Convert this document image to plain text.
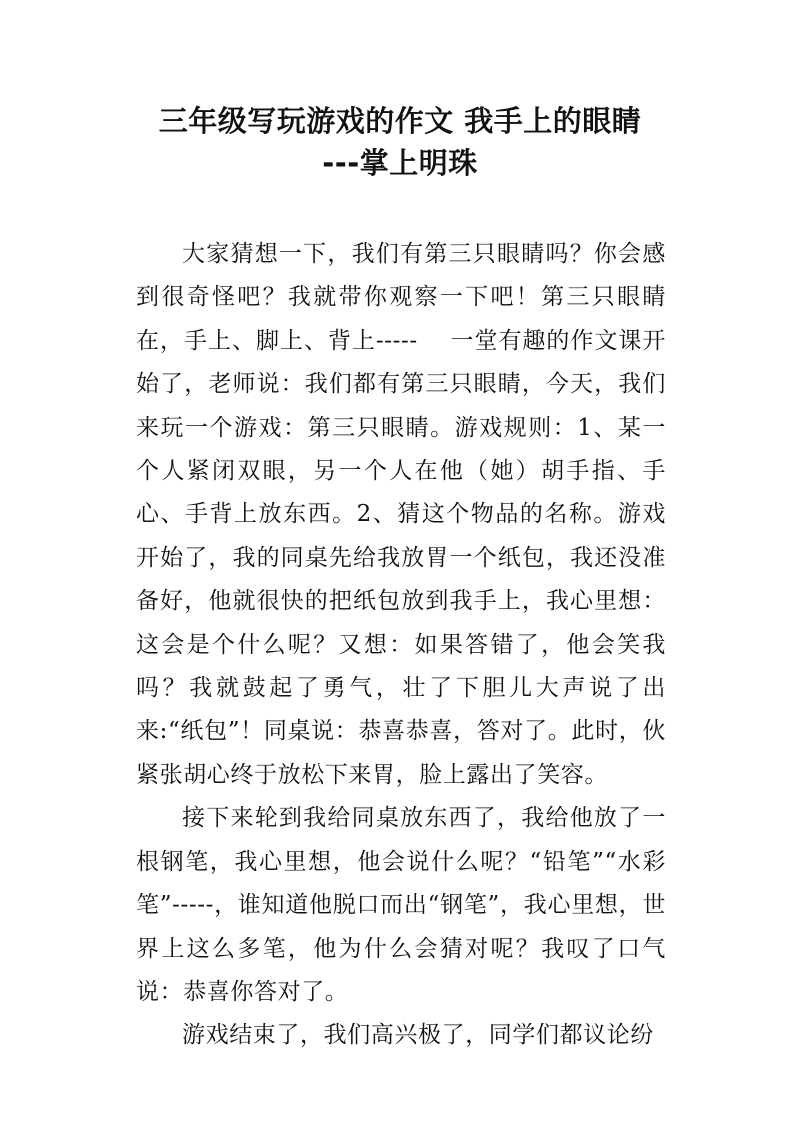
三年级写玩游戏的作文 我手上的眼睛
---掌上明珠

大家猜想一下，我们有第三只眼睛吗？你会感到很奇怪吧？我就带你观察一下吧！第三只眼睛在，手上、脚上、背上-----　 一堂有趣的作文课开始了，老师说：我们都有第三只眼睛，今天，我们来玩一个游戏：第三只眼睛。游戏规则：1、某一个人紧闭双眼，另一个人在他（她）胡手指、手心、手背上放东西。2、猜这个物品的名称。游戏开始了，我的同桌先给我放胃一个纸包，我还没准备好，他就很快的把纸包放到我手上，我心里想：这会是个什么呢？又想：如果答错了，他会笑我吗？我就鼓起了勇气，壮了下胆儿大声说了出来:“纸包”！同桌说：恭喜恭喜，答对了。此时，伙紧张胡心终于放松下来胃，脸上露出了笑容。

接下来轮到我给同桌放东西了，我给他放了一根钢笔，我心里想，他会说什么呢？“铅笔”“水彩笔”-----，谁知道他脱口而出“钢笔”，我心里想，世界上这么多笔，他为什么会猜对呢？我叹了口气说：恭喜你答对了。

游戏结束了，我们高兴极了，同学们都议论纷
